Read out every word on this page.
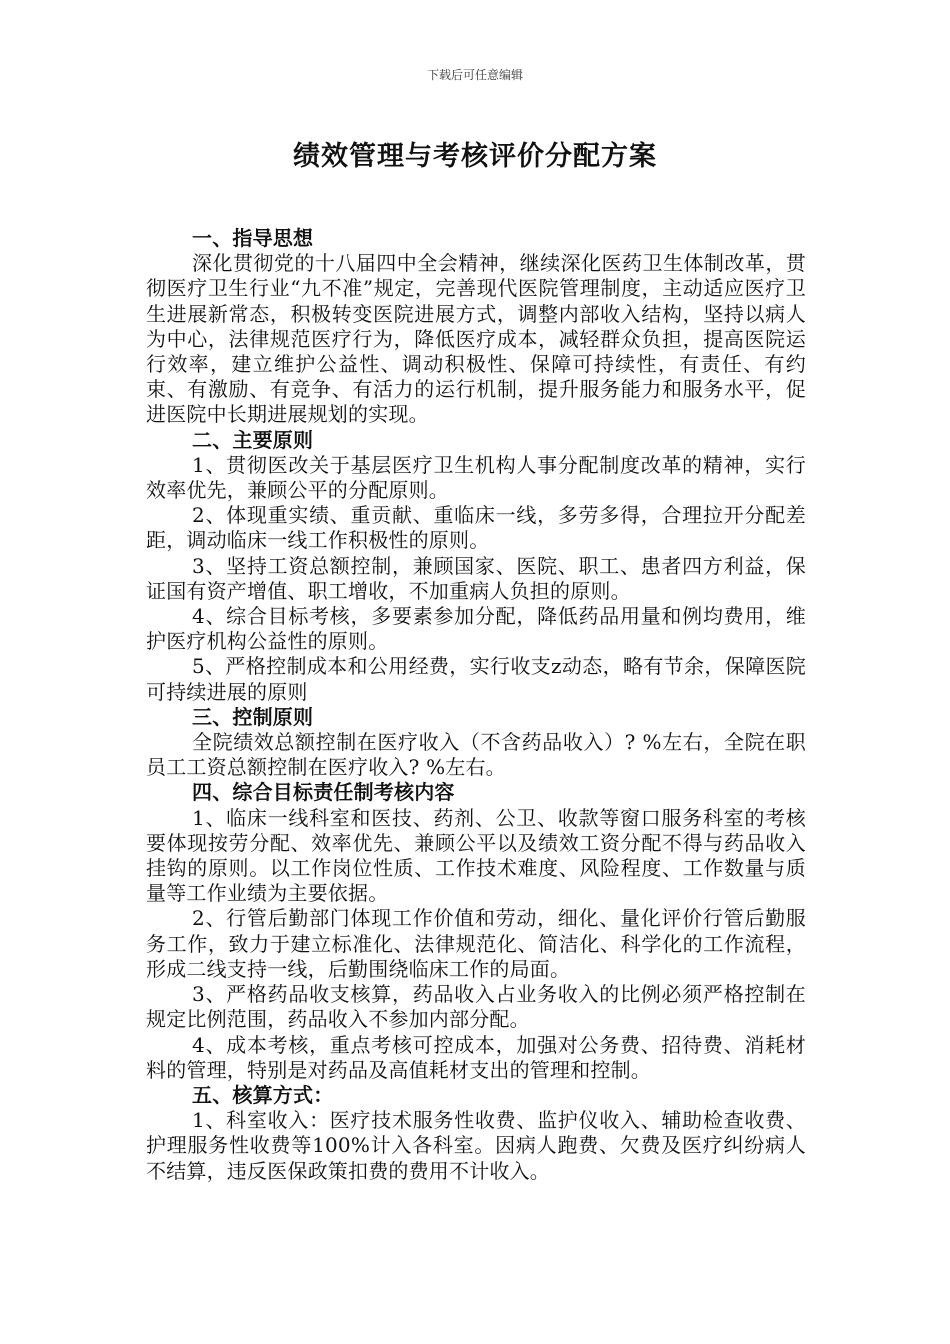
下载后可任意编辑
绩效管理与考核评价分配方案
一、指导思想

深化贯彻党的十八届四中全会精神，继续深化医药卫生体制改革，贯彻医疗卫生行业“九不准”规定，完善现代医院管理制度，主动适应医疗卫生进展新常态，积极转变医院进展方式，调整内部收入结构，坚持以病人为中心，法律规范医疗行为，降低医疗成本，减轻群众负担，提高医院运行效率，建立维护公益性、调动积极性、保障可持续性，有责任、有约束、有激励、有竞争、有活力的运行机制，提升服务能力和服务水平，促进医院中长期进展规划的实现。

二、主要原则

1、贯彻医改关于基层医疗卫生机构人事分配制度改革的精神，实行效率优先，兼顾公平的分配原则。

2、体现重实绩、重贡献、重临床一线，多劳多得，合理拉开分配差距，调动临床一线工作积极性的原则。

3、坚持工资总额控制，兼顾国家、医院、职工、患者四方利益，保证国有资产增值、职工增收，不加重病人负担的原则。

4、综合目标考核，多要素参加分配，降低药品用量和例均费用，维护医疗机构公益性的原则。

5、严格控制成本和公用经费，实行收支z动态，略有节余，保障医院可持续进展的原则

三、控制原则

全院绩效总额控制在医疗收入（不含药品收入）? %左右，全院在职员工工资总额控制在医疗收入? %左右。

四、综合目标责任制考核内容

1、临床一线科室和医技、药剂、公卫、收款等窗口服务科室的考核要体现按劳分配、效率优先、兼顾公平以及绩效工资分配不得与药品收入挂钩的原则。以工作岗位性质、工作技术难度、风险程度、工作数量与质量等工作业绩为主要依据。

2、行管后勤部门体现工作价值和劳动，细化、量化评价行管后勤服务工作，致力于建立标准化、法律规范化、简洁化、科学化的工作流程，形成二线支持一线，后勤围绕临床工作的局面。

3、严格药品收支核算，药品收入占业务收入的比例必须严格控制在规定比例范围，药品收入不参加内部分配。

4、成本考核，重点考核可控成本，加强对公务费、招待费、消耗材料的管理，特别是对药品及高值耗材支出的管理和控制。

五、核算方式：

1、科室收入：医疗技术服务性收费、监护仪收入、辅助检查收费、护理服务性收费等100%计入各科室。因病人跑费、欠费及医疗纠纷病人不结算，违反医保政策扣费的费用不计收入。
